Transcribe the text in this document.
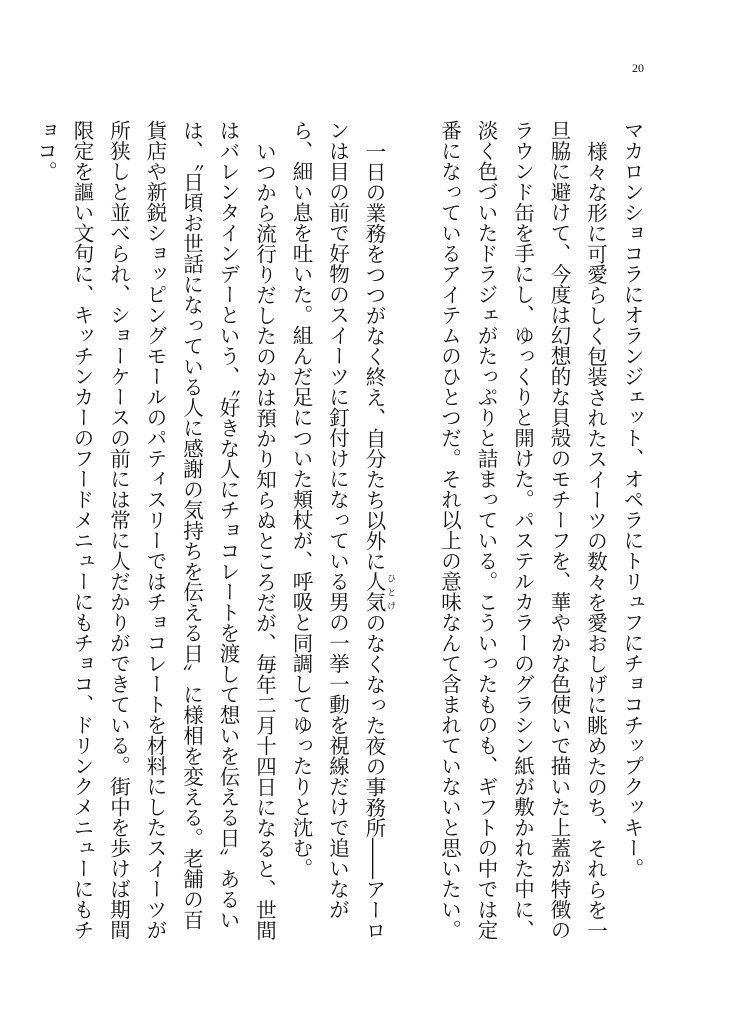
20

マカロンショコラにオランジェット、オペラにトリュフにチョコチップクッキー。

様々な形に可愛らしく包装されたスイーツの数々を愛おしげに眺めたのち、それらを一旦脇に避けて、今度は幻想的な貝殻のモチーフを、華やかな色使いで描いた上蓋が特徴のラウンド缶を手にし、ゆっくりと開けた。パステルカラーのグラシン紙が敷かれた中に、淡く色づいたドラジェがたっぷりと詰まっている。こういったものも、ギフトの中では定番になっているアイテムのひとつだ。それ以上の意味なんて含まれていないと思いたい。

一日の業務をつつがなく終え、自分たち以外に人気 ひとけのなくなった夜の事務所――アーロンは目の前で好物のスイーツに釘付けになっている男の一挙一動を視線だけで追いながら、細い息を吐いた。組んだ足についた頬杖が、呼吸と同調してゆったりと沈む。

いつから流行りだしたのかは預かり知らぬところだが、毎年二月十四日になると、世間はバレンタインデーという、〝好きな人にチョコレートを渡して想いを伝える日〟あるいは、〝日頃お世話になっている人に感謝の気持ちを伝える日〟に様相を変える。老舗の百貨店や新鋭ショッピングモールのパティスリーではチョコレートを材料にしたスイーツが所狭しと並べられ、ショーケースの前には常に人だかりができている。街中を歩けば期間限定を謳い文句に、キッチンカーのフードメニューにもチョコ、ドリンクメニューにもチョコ。
